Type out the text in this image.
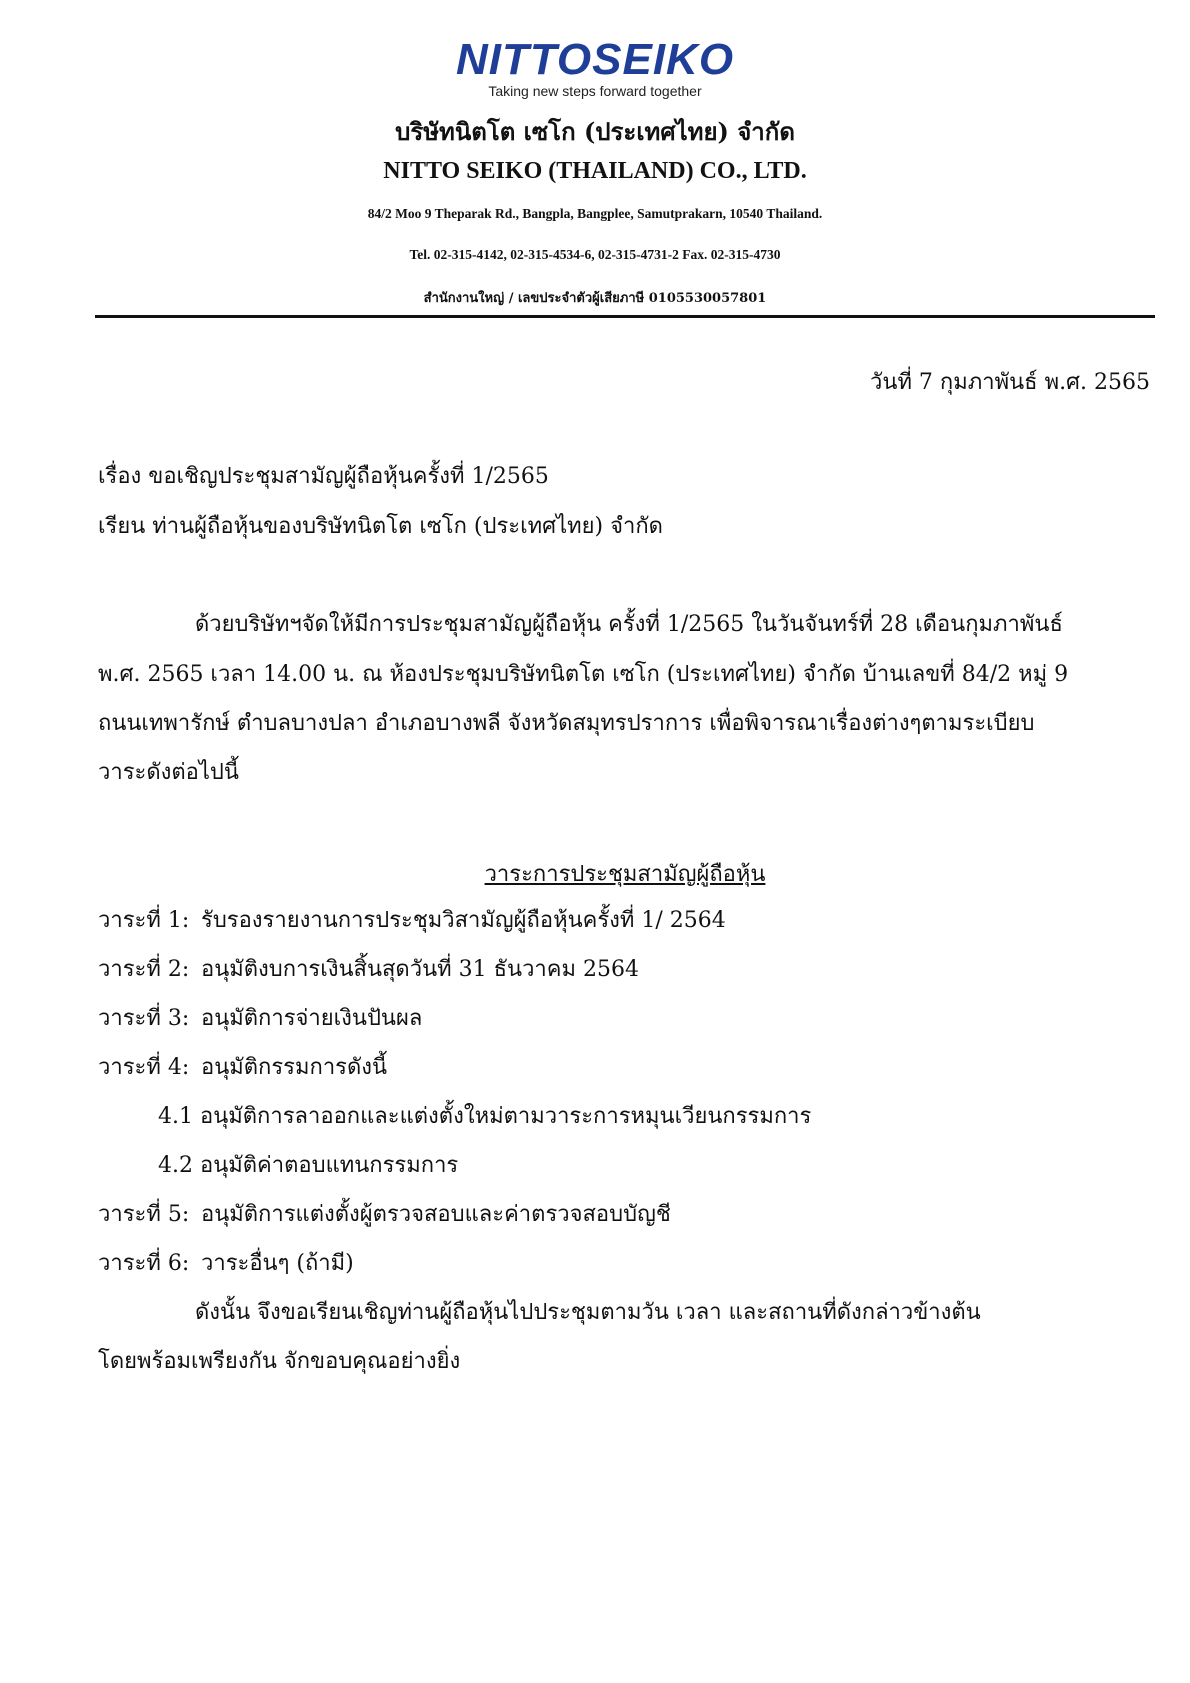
NITTOSEIKO
Taking new steps forward together
บริษัทนิตโต เซโก (ประเทศไทย) จำกัด
NITTO SEIKO (THAILAND) CO., LTD.
84/2 Moo 9 Theparak Rd., Bangpla, Bangplee, Samutprakarn, 10540 Thailand.
Tel. 02-315-4142, 02-315-4534-6, 02-315-4731-2 Fax. 02-315-4730
สำนักงานใหญ่ / เลขประจำตัวผู้เสียภาษี 0105530057801
วันที่ 7 กุมภาพันธ์ พ.ศ. 2565
เรื่อง ขอเชิญประชุมสามัญผู้ถือหุ้นครั้งที่ 1/2565
เรียน ท่านผู้ถือหุ้นของบริษัทนิตโต เซโก (ประเทศไทย) จำกัด
ด้วยบริษัทฯจัดให้มีการประชุมสามัญผู้ถือหุ้น ครั้งที่ 1/2565 ในวันจันทร์ที่ 28 เดือนกุมภาพันธ์
พ.ศ. 2565 เวลา 14.00 น. ณ ห้องประชุมบริษัทนิตโต เซโก (ประเทศไทย) จำกัด บ้านเลขที่ 84/2 หมู่ 9
ถนนเทพารักษ์ ตำบลบางปลา อำเภอบางพลี จังหวัดสมุทรปราการ เพื่อพิจารณาเรื่องต่างๆตามระเบียบ
วาระดังต่อไปนี้
วาระการประชุมสามัญผู้ถือหุ้น
วาระที่ 1: รับรองรายงานการประชุมวิสามัญผู้ถือหุ้นครั้งที่ 1/ 2564
วาระที่ 2: อนุมัติงบการเงินสิ้นสุดวันที่ 31 ธันวาคม 2564
วาระที่ 3: อนุมัติการจ่ายเงินปันผล
วาระที่ 4: อนุมัติกรรมการดังนี้
4.1 อนุมัติการลาออกและแต่งตั้งใหม่ตามวาระการหมุนเวียนกรรมการ
4.2 อนุมัติค่าตอบแทนกรรมการ
วาระที่ 5: อนุมัติการแต่งตั้งผู้ตรวจสอบและค่าตรวจสอบบัญชี
วาระที่ 6: วาระอื่นๆ (ถ้ามี)
ดังนั้น จึงขอเรียนเชิญท่านผู้ถือหุ้นไปประชุมตามวัน เวลา และสถานที่ดังกล่าวข้างต้น
โดยพร้อมเพรียงกัน จักขอบคุณอย่างยิ่ง
